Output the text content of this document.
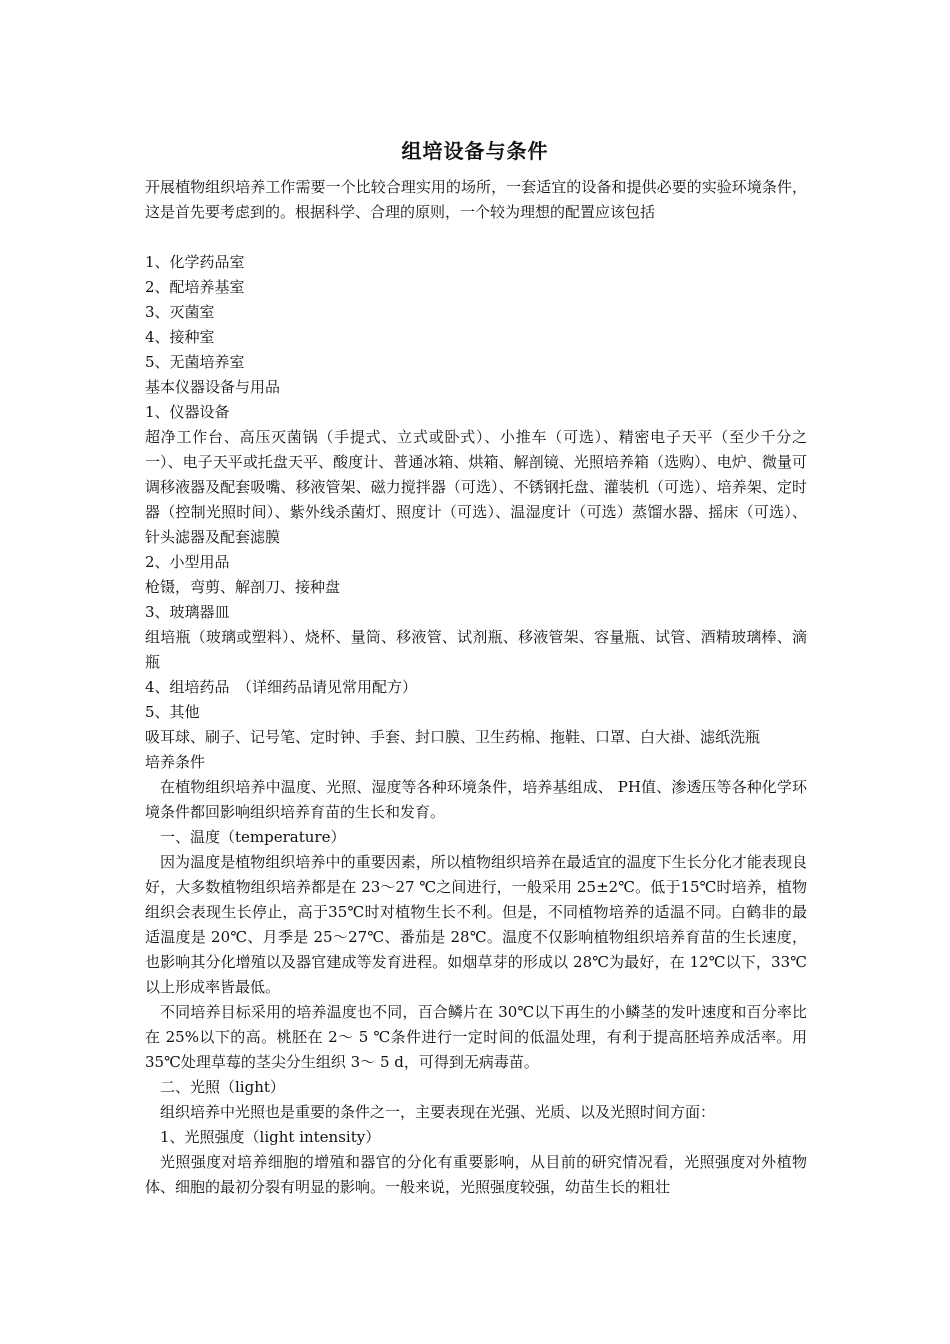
组培设备与条件

开展植物组织培养工作需要一个比较合理实用的场所，一套适宜的设备和提供必要的实验环境条件，这是首先要考虑到的。根据科学、合理的原则，一个较为理想的配置应该包括

1、化学药品室

2、配培养基室

3、灭菌室

4、接种室

5、无菌培养室

基本仪器设备与用品

1、仪器设备

超净工作台、高压灭菌锅（手提式、立式或卧式）、小推车（可选）、精密电子天平（至少千分之一）、电子天平或托盘天平、酸度计、普通冰箱、烘箱、解剖镜、光照培养箱（选购）、电炉、微量可调移液器及配套吸嘴、移液管架、磁力搅拌器（可选）、不锈钢托盘、灌装机（可选）、培养架、定时器（控制光照时间）、紫外线杀菌灯、照度计（可选）、温湿度计（可选）蒸馏水器、摇床（可选）、针头滤器及配套滤膜

2、小型用品

枪镊，弯剪、解剖刀、接种盘

3、玻璃器皿

组培瓶（玻璃或塑料）、烧杯、量筒、移液管、试剂瓶、移液管架、容量瓶、试管、酒精玻璃棒、滴瓶

4、组培药品　（详细药品请见常用配方）

5、其他

吸耳球、刷子、记号笔、定时钟、手套、封口膜、卫生药棉、拖鞋、口罩、白大褂、滤纸洗瓶

培养条件

在植物组织培养中温度、光照、湿度等各种环境条件，培养基组成、 PH值、渗透压等各种化学环境条件都回影响组织培养育苗的生长和发育。

一、温度（temperature）

因为温度是植物组织培养中的重要因素，所以植物组织培养在最适宜的温度下生长分化才能表现良好，大多数植物组织培养都是在 23～27 ℃之间进行，一般采用 25±2℃。低于15℃时培养，植物组织会表现生长停止，高于35℃时对植物生长不利。但是，不同植物培养的适温不同。白鹤非的最适温度是 20℃、月季是 25～27℃、番茄是 28℃。温度不仅影响植物组织培养育苗的生长速度，也影响其分化增殖以及器官建成等发育进程。如烟草芽的形成以 28℃为最好，在 12℃以下，33℃以上形成率皆最低。

不同培养目标采用的培养温度也不同，百合鳞片在 30℃以下再生的小鳞茎的发叶速度和百分率比在 25%以下的高。桃胚在 2～ 5 ℃条件进行一定时间的低温处理，有利于提高胚培养成活率。用 35℃处理草莓的茎尖分生组织 3～ 5 d，可得到无病毒苗。

二、光照（light）

组织培养中光照也是重要的条件之一，主要表现在光强、光质、以及光照时间方面：

1、光照强度（light intensity）

光照强度对培养细胞的增殖和器官的分化有重要影响，从目前的研究情况看，光照强度对外植物体、细胞的最初分裂有明显的影响。一般来说，光照强度较强，幼苗生长的粗壮
